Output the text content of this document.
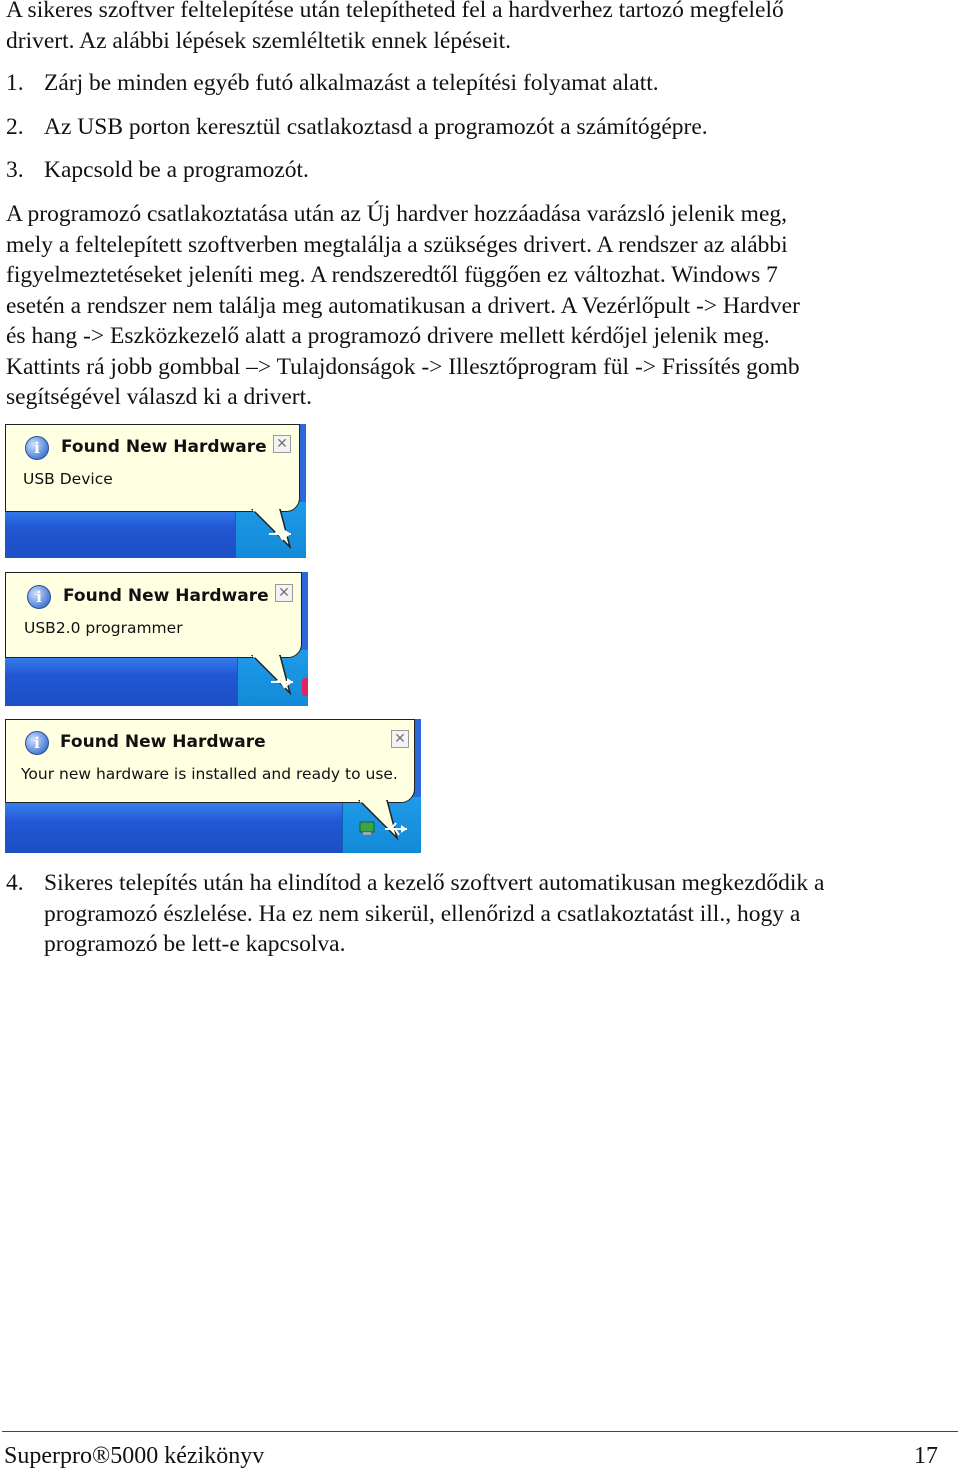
A sikeres szoftver feltelepítése után telepítheted fel a hardverhez tartozó megfelelő
drivert. Az alábbi lépések szemléltetik ennek lépéseit.
1. Zárj be minden egyéb futó alkalmazást a telepítési folyamat alatt.
2. Az USB porton keresztül csatlakoztasd a programozót a számítógépre.
3. Kapcsold be a programozót.
A programozó csatlakoztatása után az Új hardver hozzáadása varázsló jelenik meg,
mely a feltelepített szoftverben megtalálja a szükséges drivert. A rendszer az alábbi
figyelmeztetéseket jeleníti meg. A rendszeredtől függően ez változhat. Windows 7
esetén a rendszer nem találja meg automatikusan a drivert. A Vezérlőpult -> Hardver
és hang -> Eszközkezelő alatt a programozó drivere mellett kérdőjel jelenik meg.
Kattints rá jobb gombbal –> Tulajdonságok -> Illesztőprogram fül -> Frissítés gomb
segítségével válaszd ki a drivert.
i	Found New Hardware
USB Device
✕
i	Found New Hardware
USB2.0 programmer
✕
i	Found New Hardware
Your new hardware is installed and ready to use.
✕
4. Sikeres telepítés után ha elindítod a kezelő szoftvert automatikusan megkezdődik a
programozó észlelése. Ha ez nem sikerül, ellenőrizd a csatlakoztatást ill., hogy a
programozó be lett-e kapcsolva.
Superpro®5000 kézikönyv	17
